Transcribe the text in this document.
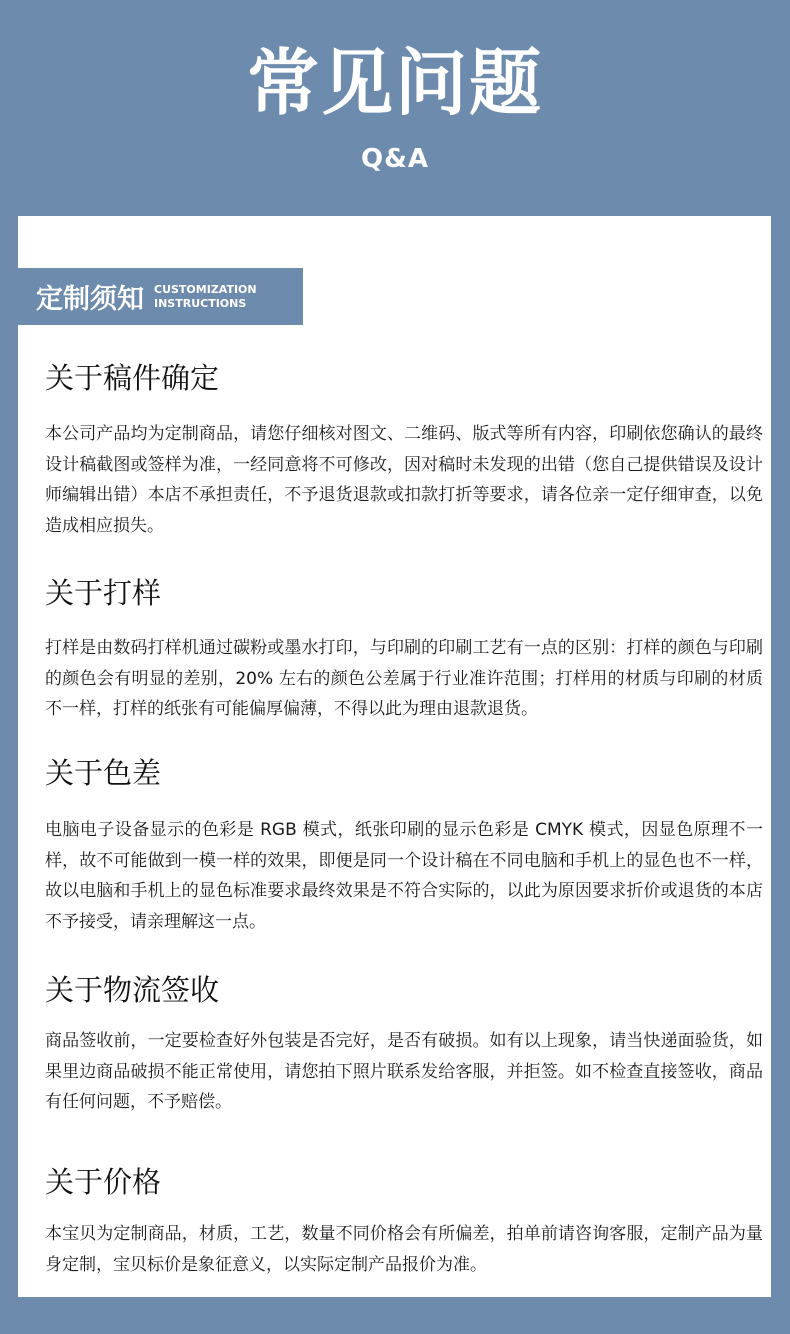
常见问题
Q&A
定制须知 CUSTOMIZATION
INSTRUCTIONS
关于稿件确定
本公司产品均为定制商品，请您仔细核对图文、二维码、版式等所有内容，印刷依您确认的最终设计稿截图或签样为准，一经同意将不可修改，因对稿时未发现的出错（您自己提供错误及设计师编辑出错）本店不承担责任，不予退货退款或扣款打折等要求，请各位亲一定仔细审查，以免造成相应损失。
关于打样
打样是由数码打样机通过碳粉或墨水打印，与印刷的印刷工艺有一点的区别：打样的颜色与印刷的颜色会有明显的差别，20% 左右的颜色公差属于行业准许范围；打样用的材质与印刷的材质不一样，打样的纸张有可能偏厚偏薄，不得以此为理由退款退货。
关于色差
电脑电子设备显示的色彩是 RGB 模式，纸张印刷的显示色彩是 CMYK 模式，因显色原理不一样，故不可能做到一模一样的效果，即便是同一个设计稿在不同电脑和手机上的显色也不一样，故以电脑和手机上的显色标准要求最终效果是不符合实际的，以此为原因要求折价或退货的本店不予接受，请亲理解这一点。
关于物流签收
商品签收前，一定要检查好外包装是否完好，是否有破损。如有以上现象，请当快递面验货，如果里边商品破损不能正常使用，请您拍下照片联系发给客服，并拒签。如不检查直接签收，商品有任何问题，不予赔偿。
关于价格
本宝贝为定制商品，材质，工艺，数量不同价格会有所偏差，拍单前请咨询客服，定制产品为量身定制，宝贝标价是象征意义，以实际定制产品报价为准。
